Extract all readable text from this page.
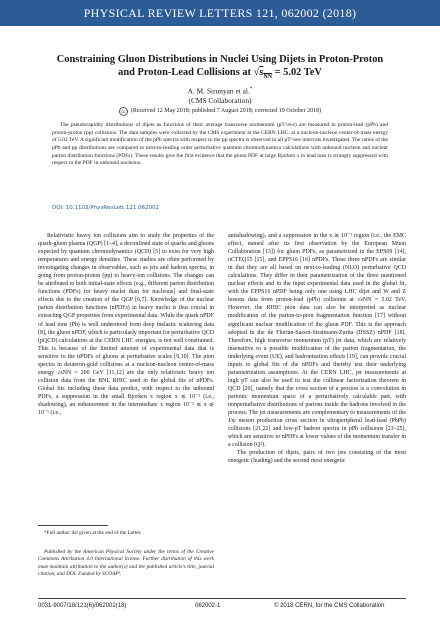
PHYSICAL REVIEW LETTERS 121, 062002 (2018)
Constraining Gluon Distributions in Nuclei Using Dijets in Proton-Proton
and Proton-Lead Collisions at $√s_{NN} = 5.02$ TeV
A. M. Sirunyan et al.*
(CMS Collaboration)
cc (Received 12 May 2018; published 7 August 2018; corrected 19 October 2018)
The pseudorapidity distributions of dijets as functions of their average transverse momentum (pT^ave) are measured in proton-lead (pPb) and proton-proton (pp) collisions. The data samples were collected by the CMS experiment at the CERN LHC, at a nucleon-nucleon center-of-mass energy of 5.02 TeV. A significant modification of the pPb spectra with respect to the pp spectra is observed in all pT^ave intervals investigated. The ratios of the pPb and pp distributions are compared to next-to-leading order perturbative quantum chromodynamics calculations with unbound nucleon and nuclear parton distribution functions (PDFs). These results give the first evidence that the gluon PDF at large Bjorken x in lead ions is strongly suppressed with respect to the PDF in unbound nucleons.
DOI: 10.1103/PhysRevLett.121.062002

Relativistic heavy ion collisions aim to study the properties of the quark-gluon plasma (QGP) [1–4], a deconfined state of quarks and gluons expected by quantum chromodynamics (QCD) [5] to exist for very high temperatures and energy densities. These studies are often performed by investigating changes in observables, such as jets and hadron spectra, in going from proton-proton (pp) to heavy-ion collisions. The changes can be attributed to both initial-state effects (e.g., different parton distribution functions (PDFs) for heavy nuclei than for nucleons] and final-state effects due to the creation of the QGP [6,7]. Knowledge of the nuclear parton distribution functions (nPDFs) in heavy nuclei is thus crucial in extracting QGP properties from experimental data. While the quark nPDF of lead ions (Pb) is well understood from deep inelastic scattering data [8], the gluon nPDF, which is particularly important for perturbative QCD (pQCD) calculations at the CERN LHC energies, is not well constrained. This is because of the limited amount of experimental data that is sensitive to the nPDFs of gluons at perturbative scales [9,10]. The pion spectra in deuteron-gold collisions at a nucleon-nucleon center-of-mass energy √sNN = 200 GeV [11,12] are the only relativistic heavy ion collision data from the BNL RHIC used in the global fits of nPDFs. Global fits including these data predict, with respect to the unbound PDFs, a suppression in the small Bjorken x region x ≲ 10⁻² (i.e., shadowing), an enhancement in the intermediate x region 10⁻² ≲ x ≲ 10⁻¹ (i.e.,

antishadowing), and a suppression in the x ≳ 10⁻¹ region (i.e., the EMC effect, named after its first observation by the European Muon Collaboration [13]) for gluon PDFs, as parametrized in the EPS09 [14], nCTEQ15 [15], and EPPS16 [16] nPDFs. These three nPDFs are similar in that they are all based on next-to-leading (NLO) perturbative QCD calculations. They differ in their parametrization of the three mentioned nuclear effects and in the input experimental data used in the global fit, with the EPPS16 nPDF being only one using LHC dijet and W and Z bosons data from proton-lead (pPb) collisions at √sNN = 5.02 TeV. However, the RHIC pion data can also be interpreted as nuclear modification of the parton-to-pion fragmentation function [17] without significant nuclear modification of the gluon PDF. This is the approach adopted in the de Florian-Sassot-Stratmann-Zurita (DSSZ) nPDF [18]. Therefore, high transverse momentum (pT) jet data, which are relatively insensitive to a possible modification of the parton fragmentation, the underlying event (UE), and hadronization effects [19], can provide crucial inputs to global fits of the nPDFs and thereby test their underlying parametrization assumptions. At the CERN LHC, jet measurements at high pT can also be used to test the collinear factorization theorem in QCD [20], namely that the cross section of a process is a convolution in partonic momentum space of a perturbatively calculable part, with nonperturbative distributions of partons inside the hadrons involved in the process. The jet measurements are complementary to measurements of the J/ψ meson production cross section in ultraperipheral lead-lead (PbPb) collisions [21,22] and low-pT hadron spectra in pPb collisions [23–25], which are sensitive to nPDFs at lower values of the momentum transfer in a collision (Q²).

The production of dijets, pairs of two jets consisting of the most energetic (leading) and the second most energetic

*Full author list given at the end of the Letter.
Published by the American Physical Society under the terms of the Creative Commons Attribution 4.0 International license. Further distribution of this work must maintain attribution to the author(s) and the published article's title, journal citation, and DOI. Funded by SCOAP³.
0031-9007/18/121(6)/062002(18)	062002-1	© 2018 CERN, for the CMS Collaboration
